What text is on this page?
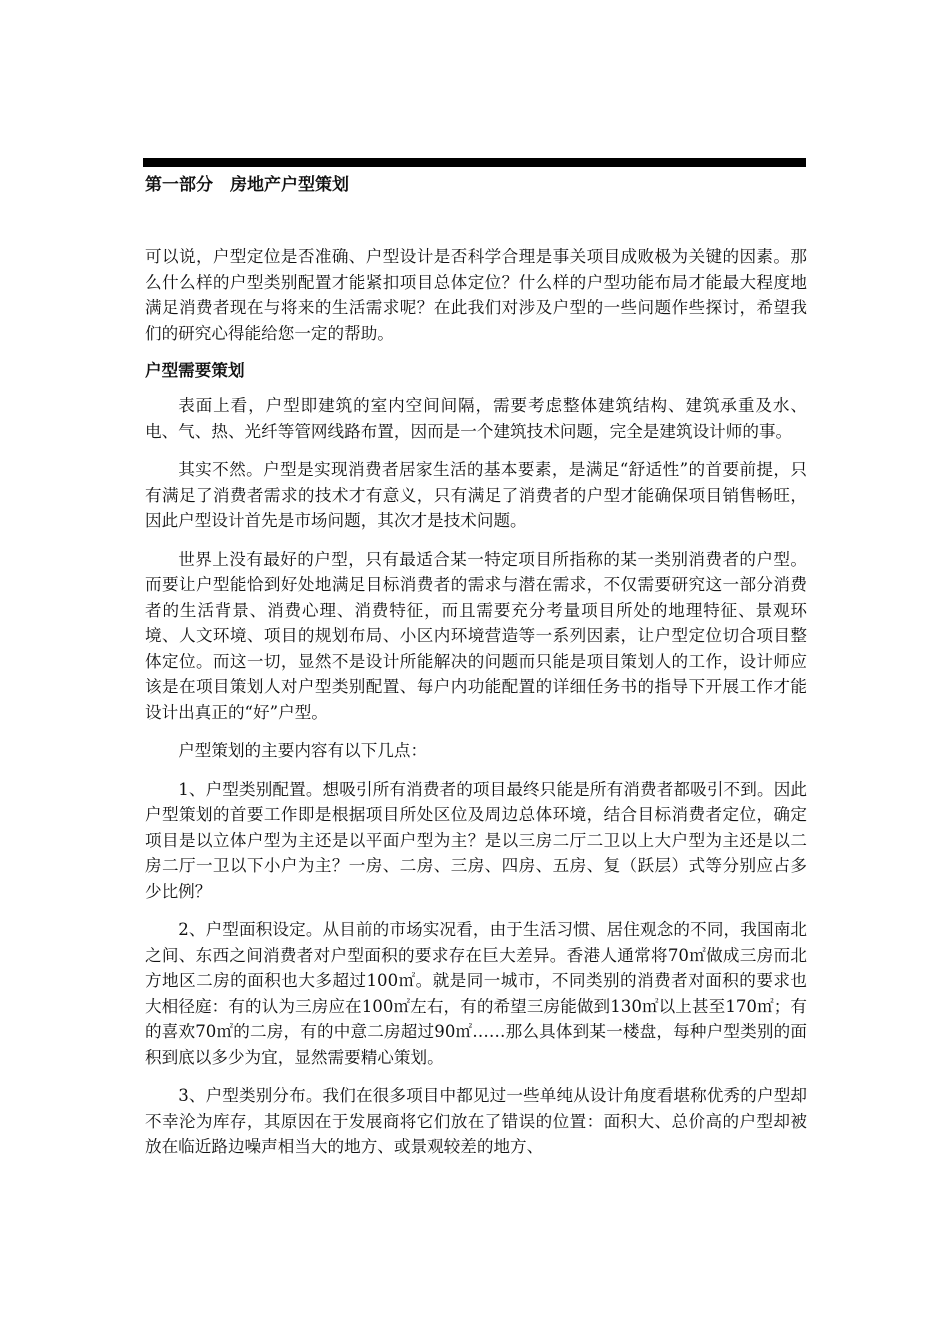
第一部分　房地产户型策划

可以说，户型定位是否准确、户型设计是否科学合理是事关项目成败极为关键的因素。那么什么样的户型类别配置才能紧扣项目总体定位？什么样的户型功能布局才能最大程度地满足消费者现在与将来的生活需求呢？在此我们对涉及户型的一些问题作些探讨，希望我们的研究心得能给您一定的帮助。

户型需要策划

表面上看，户型即建筑的室内空间间隔，需要考虑整体建筑结构、建筑承重及水、电、气、热、光纤等管网线路布置，因而是一个建筑技术问题，完全是建筑设计师的事。

其实不然。户型是实现消费者居家生活的基本要素，是满足“舒适性”的首要前提，只有满足了消费者需求的技术才有意义，只有满足了消费者的户型才能确保项目销售畅旺，因此户型设计首先是市场问题，其次才是技术问题。

世界上没有最好的户型，只有最适合某一特定项目所指称的某一类别消费者的户型。而要让户型能恰到好处地满足目标消费者的需求与潜在需求，不仅需要研究这一部分消费者的生活背景、消费心理、消费特征，而且需要充分考量项目所处的地理特征、景观环境、人文环境、项目的规划布局、小区内环境营造等一系列因素，让户型定位切合项目整体定位。而这一切，显然不是设计所能解决的问题而只能是项目策划人的工作，设计师应该是在项目策划人对户型类别配置、每户内功能配置的详细任务书的指导下开展工作才能设计出真正的“好”户型。

户型策划的主要内容有以下几点：

1、户型类别配置。想吸引所有消费者的项目最终只能是所有消费者都吸引不到。因此户型策划的首要工作即是根据项目所处区位及周边总体环境，结合目标消费者定位，确定项目是以立体户型为主还是以平面户型为主？是以三房二厅二卫以上大户型为主还是以二房二厅一卫以下小户为主？一房、二房、三房、四房、五房、复（跃层）式等分别应占多少比例？

2、户型面积设定。从目前的市场实况看，由于生活习惯、居住观念的不同，我国南北之间、东西之间消费者对户型面积的要求存在巨大差异。香港人通常将70㎡做成三房而北方地区二房的面积也大多超过100㎡。就是同一城市，不同类别的消费者对面积的要求也大相径庭：有的认为三房应在100㎡左右，有的希望三房能做到130㎡以上甚至170㎡；有的喜欢70㎡的二房，有的中意二房超过90㎡……那么具体到某一楼盘，每种户型类别的面积到底以多少为宜，显然需要精心策划。

3、户型类别分布。我们在很多项目中都见过一些单纯从设计角度看堪称优秀的户型却不幸沦为库存，其原因在于发展商将它们放在了错误的位置：面积大、总价高的户型却被放在临近路边噪声相当大的地方、或景观较差的地方、
